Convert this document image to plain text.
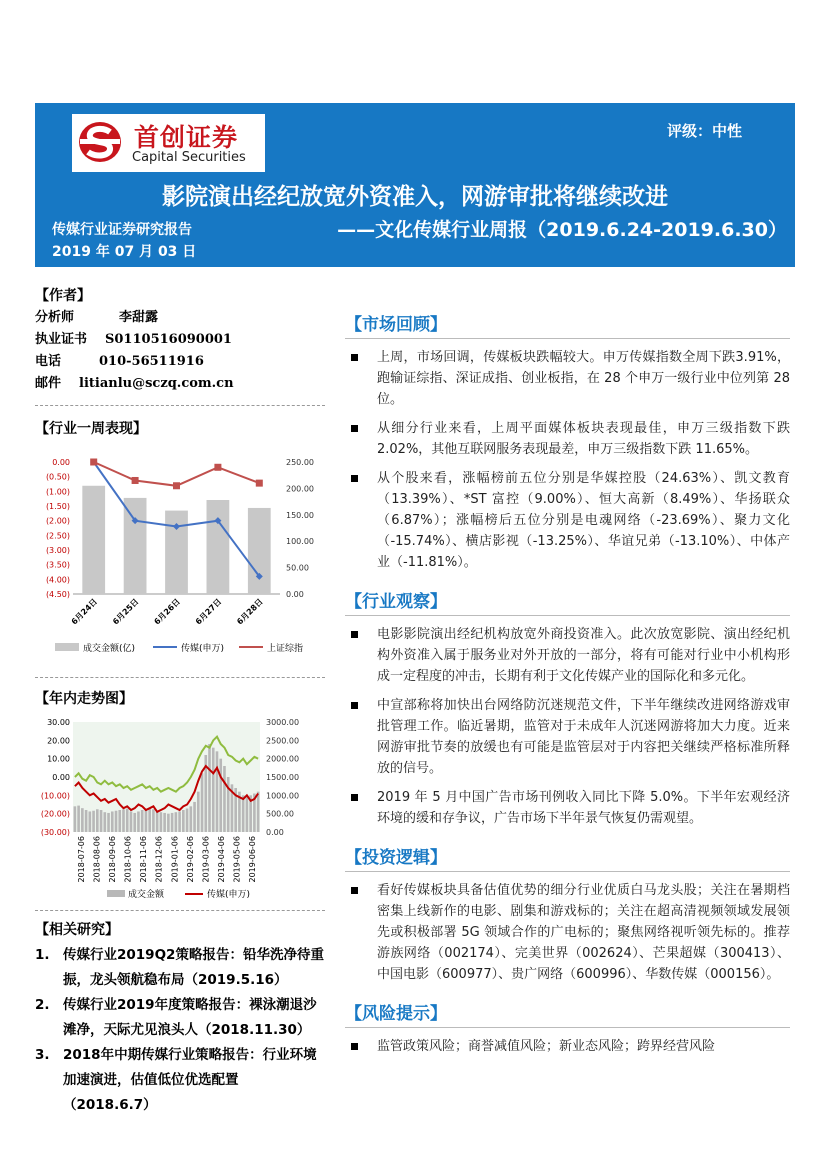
首创证券
Capital Securities
评级：中性
影院演出经纪放宽外资准入，网游审批将继续改进
传媒行业证券研究报告
2019 年 07 月 03 日
——文化传媒行业周报（2019.6.24-2019.6.30）
【作者】
分析师	李甜露
执业证书 S0110516090001
电话	010-56511916
邮件 litianlu@sczq.com.cn
【行业一周表现】
0.00
(0.50)
(1.00)
(1.50)
(2.00)
(2.50)
(3.00)
(3.50)
(4.00)
(4.50)
250.00
200.00
150.00
100.00
50.00
0.00
6月24日 6月25日 6月26日 6月27日 6月28日
成交金额(亿)	传媒(申万)	上证综指
【年内走势图】
30.00
20.00
10.00
0.00
(10.00)
(20.00)
(30.00)
3000.00
2500.00
2000.00
1500.00
1000.00
500.00
0.00
2018-07-06 2018-08-06 2018-09-06 2018-10-06 2018-11-06 2018-12-06 2019-01-06 2019-02-06 2019-03-06 2019-04-06 2019-05-06 2019-06-06
成交金额	传媒(申万)
【相关研究】
1. 传媒行业2019Q2策略报告：铅华洗净待重振，龙头领航稳布局（2019.5.16）
2. 传媒行业2019年度策略报告：裸泳潮退沙滩净，天际尤见浪头人（2018.11.30）
3. 2018年中期传媒行业策略报告：行业环境加速演进，估值低位优选配置（2018.6.7）
【市场回顾】
上周，市场回调，传媒板块跌幅较大。申万传媒指数全周下跌3.91%，跑输证综指、深证成指、创业板指，在 28 个申万一级行业中位列第 28 位。
从细分行业来看，上周平面媒体板块表现最佳，申万三级指数下跌2.02%，其他互联网服务表现最差，申万三级指数下跌 11.65%。
从个股来看，涨幅榜前五位分别是华媒控股（24.63%）、凯文教育（13.39%）、*ST 富控（9.00%）、恒大高新（8.49%）、华扬联众（6.87%）；涨幅榜后五位分别是电魂网络（-23.69%）、聚力文化（-15.74%）、横店影视（-13.25%）、华谊兄弟（-13.10%）、中体产业（-11.81%）。
【行业观察】
电影影院演出经纪机构放宽外商投资准入。此次放宽影院、演出经纪机构外资准入属于服务业对外开放的一部分，将有可能对行业中小机构形成一定程度的冲击，长期有利于文化传媒产业的国际化和多元化。
中宣部称将加快出台网络防沉迷规范文件，下半年继续改进网络游戏审批管理工作。临近暑期，监管对于未成年人沉迷网游将加大力度。近来网游审批节奏的放缓也有可能是监管层对于内容把关继续严格标准所释放的信号。
2019 年 5 月中国广告市场刊例收入同比下降 5.0%。下半年宏观经济环境的缓和存争议，广告市场下半年景气恢复仍需观望。
【投资逻辑】
看好传媒板块具备估值优势的细分行业优质白马龙头股；关注在暑期档密集上线新作的电影、剧集和游戏标的；关注在超高清视频领域发展领先或积极部署 5G 领域合作的广电标的；聚焦网络视听领先标的。推荐游族网络（002174）、完美世界（002624）、芒果超媒（300413）、中国电影（600977）、贵广网络（600996）、华数传媒（000156）。
【风险提示】
监管政策风险；商誉减值风险；新业态风险；跨界经营风险
